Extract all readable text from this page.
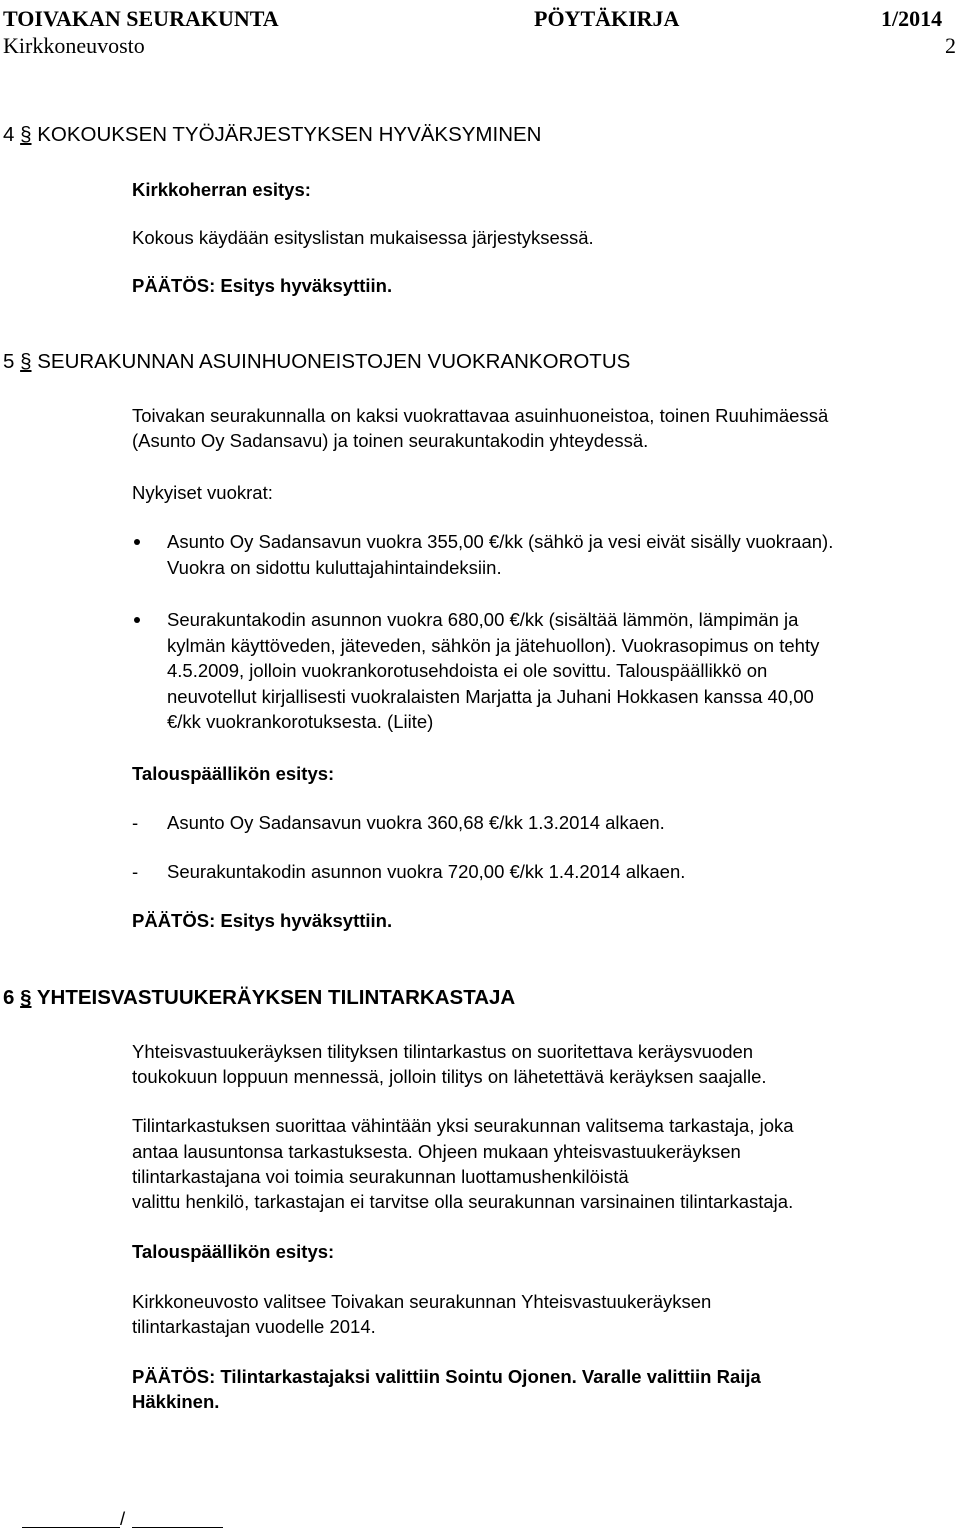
TOIVAKAN SEURAKUNTA	PÖYTÄKIRJA	1/2014
Kirkkoneuvosto	2
4 § KOKOUKSEN TYÖJÄRJESTYKSEN HYVÄKSYMINEN
Kirkkoherran esitys:
Kokous käydään esityslistan mukaisessa järjestyksessä.
PÄÄTÖS: Esitys hyväksyttiin.
5 § SEURAKUNNAN ASUINHUONEISTOJEN VUOKRANKOROTUS
Toivakan seurakunnalla on kaksi vuokrattavaa asuinhuoneistoa, toinen Ruuhimäessä
(Asunto Oy Sadansavu) ja toinen seurakuntakodin yhteydessä.
Nykyiset vuokrat:
Asunto Oy Sadansavun vuokra 355,00 €/kk (sähkö ja vesi eivät sisälly vuokraan).
Vuokra on sidottu kuluttajahintaindeksiin.
Seurakuntakodin asunnon vuokra 680,00 €/kk (sisältää lämmön, lämpimän ja
kylmän käyttöveden, jäteveden, sähkön ja jätehuollon). Vuokrasopimus on tehty
4.5.2009, jolloin vuokrankorotusehdoista ei ole sovittu. Talouspäällikkö on
neuvotellut kirjallisesti vuokralaisten Marjatta ja Juhani Hokkasen kanssa 40,00
€/kk vuokrankorotuksesta. (Liite)
Talouspäällikön esitys:
- Asunto Oy Sadansavun vuokra 360,68 €/kk 1.3.2014 alkaen.
- Seurakuntakodin asunnon vuokra 720,00 €/kk 1.4.2014 alkaen.
PÄÄTÖS: Esitys hyväksyttiin.
6 § YHTEISVASTUUKERÄYKSEN TILINTARKASTAJA
Yhteisvastuukeräyksen tilityksen tilintarkastus on suoritettava keräysvuoden
toukokuun loppuun mennessä, jolloin tilitys on lähetettävä keräyksen saajalle.
Tilintarkastuksen suorittaa vähintään yksi seurakunnan valitsema tarkastaja, joka
antaa lausuntonsa tarkastuksesta. Ohjeen mukaan yhteisvastuukeräyksen
tilintarkastajana voi toimia seurakunnan luottamushenkilöistä
valittu henkilö, tarkastajan ei tarvitse olla seurakunnan varsinainen tilintarkastaja.
Talouspäällikön esitys:
Kirkkoneuvosto valitsee Toivakan seurakunnan Yhteisvastuukeräyksen
tilintarkastajan vuodelle 2014.
PÄÄTÖS: Tilintarkastajaksi valittiin Sointu Ojonen. Varalle valittiin Raija
Häkkinen.
/
